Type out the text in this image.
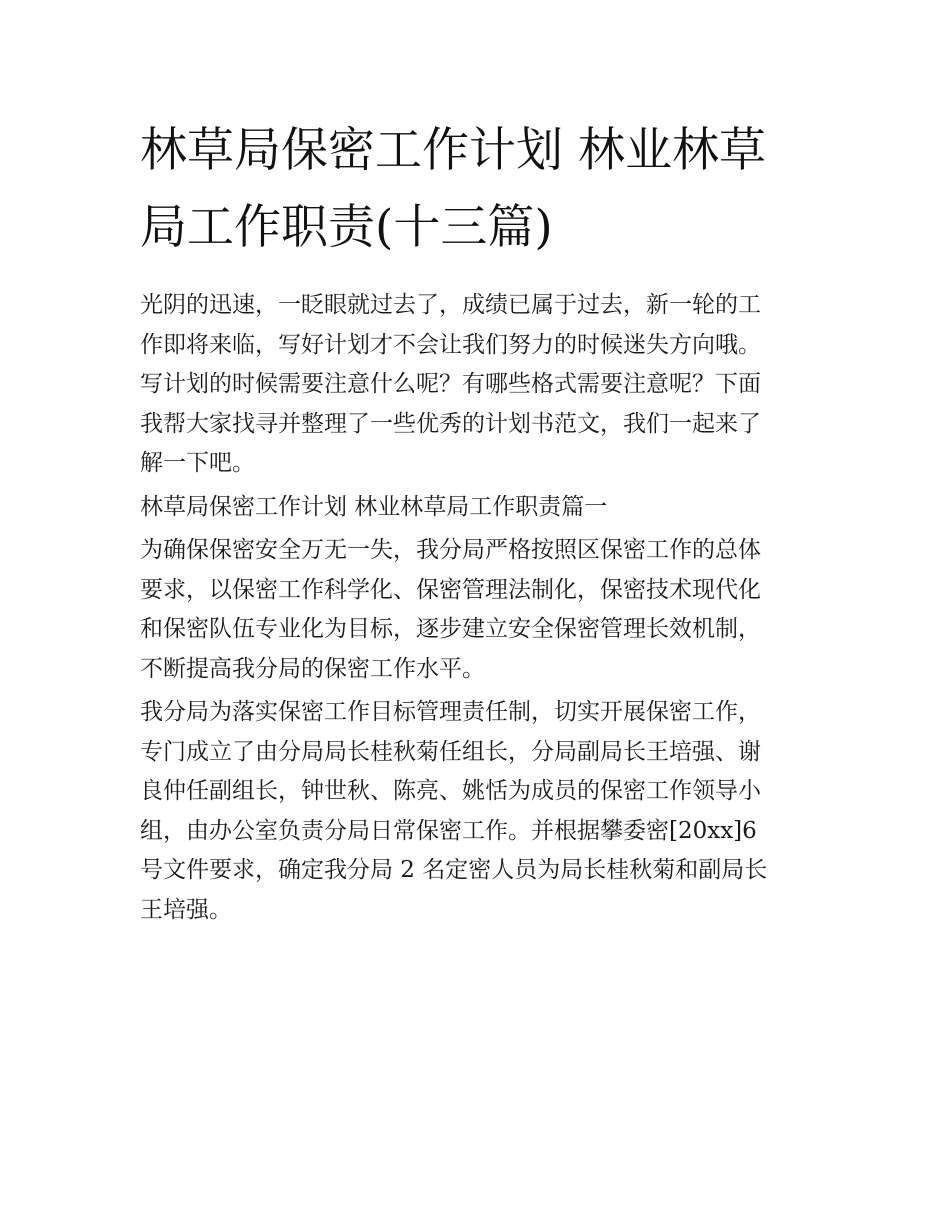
林草局保密工作计划 林业林草
局工作职责(十三篇)

光阴的迅速，一眨眼就过去了，成绩已属于过去，新一轮的工
作即将来临，写好计划才不会让我们努力的时候迷失方向哦。
写计划的时候需要注意什么呢？有哪些格式需要注意呢？下面
我帮大家找寻并整理了一些优秀的计划书范文，我们一起来了
解一下吧。

林草局保密工作计划 林业林草局工作职责篇一

为确保保密安全万无一失，我分局严格按照区保密工作的总体
要求，以保密工作科学化、保密管理法制化，保密技术现代化
和保密队伍专业化为目标，逐步建立安全保密管理长效机制，
不断提高我分局的保密工作水平。

我分局为落实保密工作目标管理责任制，切实开展保密工作，
专门成立了由分局局长桂秋菊任组长，分局副局长王培强、谢
良仲任副组长，钟世秋、陈亮、姚恬为成员的保密工作领导小
组，由办公室负责分局日常保密工作。并根据攀委密[20xx]6
号文件要求，确定我分局 2 名定密人员为局长桂秋菊和副局长
王培强。
